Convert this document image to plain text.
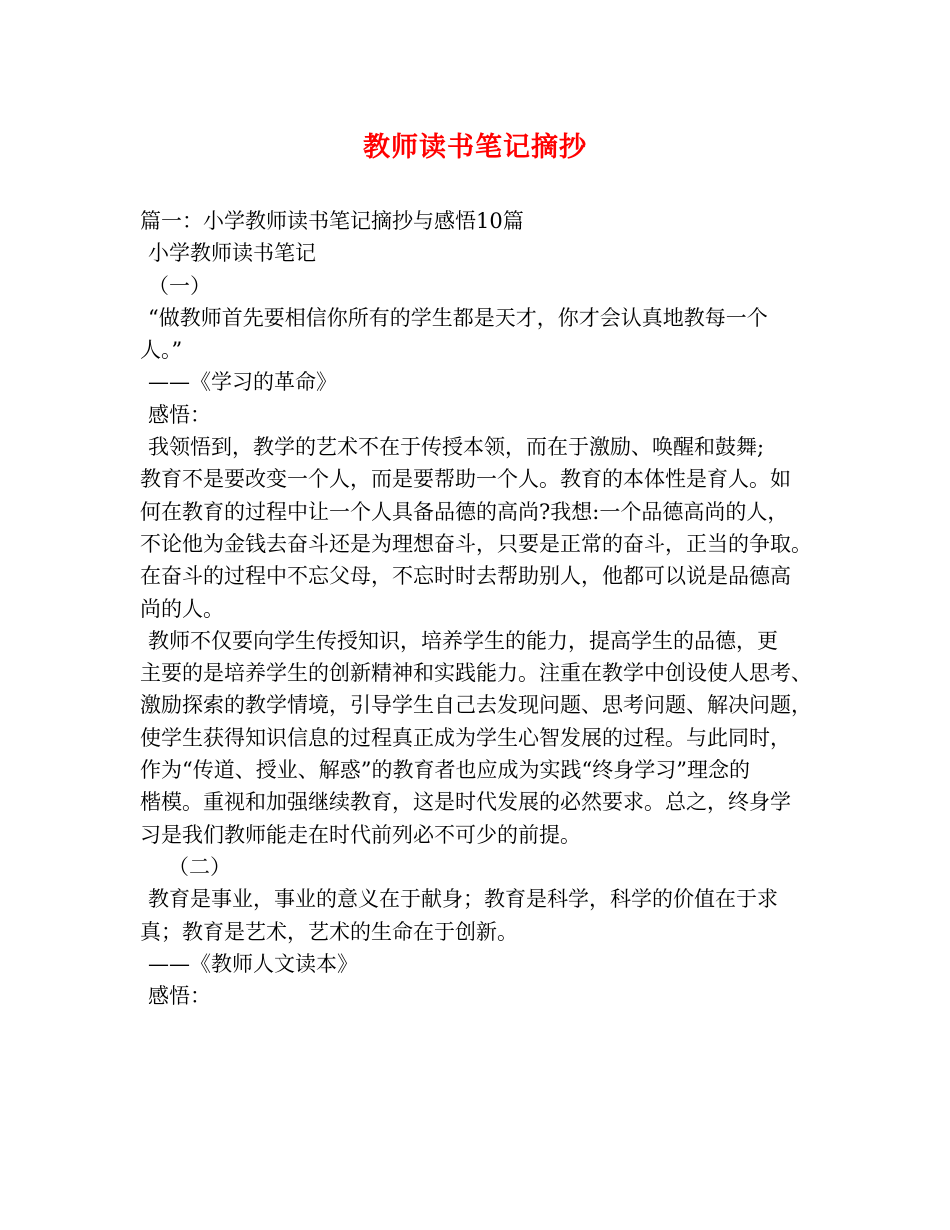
教师读书笔记摘抄
篇一：小学教师读书笔记摘抄与感悟10篇
小学教师读书笔记
（一）
“做教师首先要相信你所有的学生都是天才，你才会认真地教每一个
人。”
——《学习的革命》
感悟：
我领悟到，教学的艺术不在于传授本领，而在于激励、唤醒和鼓舞;
教育不是要改变一个人，而是要帮助一个人。教育的本体性是育人。如
何在教育的过程中让一个人具备品德的高尚?我想:一个品德高尚的人，
不论他为金钱去奋斗还是为理想奋斗，只要是正常的奋斗，正当的争取。
在奋斗的过程中不忘父母，不忘时时去帮助别人，他都可以说是品德高
尚的人。
教师不仅要向学生传授知识，培养学生的能力，提高学生的品德，更
主要的是培养学生的创新精神和实践能力。注重在教学中创设使人思考、
激励探索的教学情境，引导学生自己去发现问题、思考问题、解决问题，
使学生获得知识信息的过程真正成为学生心智发展的过程。与此同时，
作为“传道、授业、解惑”的教育者也应成为实践“终身学习”理念的
楷模。重视和加强继续教育，这是时代发展的必然要求。总之，终身学
习是我们教师能走在时代前列必不可少的前提。
（二）
教育是事业，事业的意义在于献身；教育是科学，科学的价值在于求
真；教育是艺术，艺术的生命在于创新。
——《教师人文读本》
感悟：
